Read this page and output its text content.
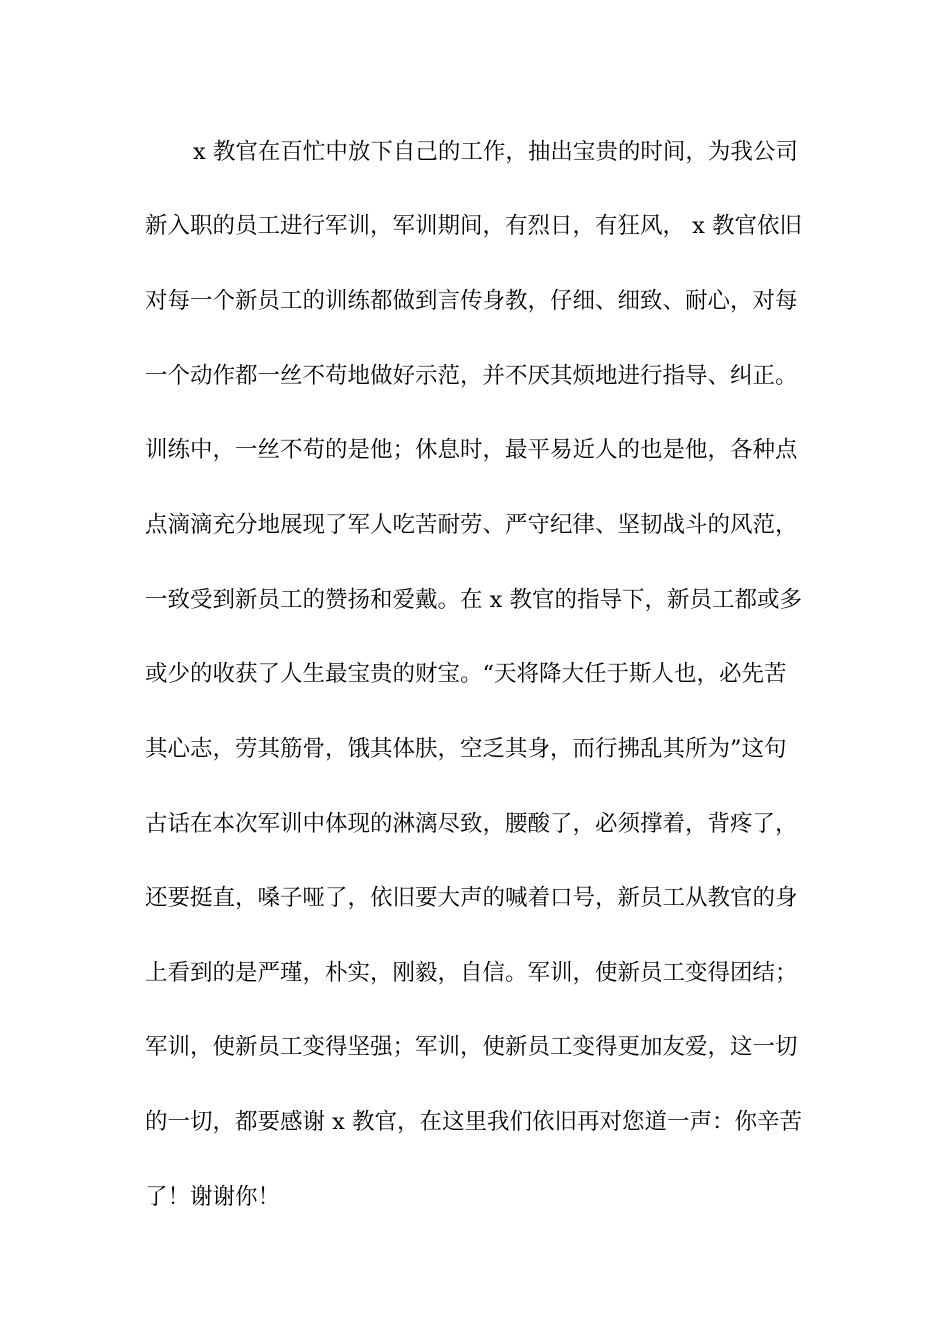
x 教官在百忙中放下自己的工作，抽出宝贵的时间，为我公司
新入职的员工进行军训，军训期间，有烈日，有狂风， x 教官依旧
对每一个新员工的训练都做到言传身教，仔细、细致、耐心，对每
一个动作都一丝不苟地做好示范，并不厌其烦地进行指导、纠正。
训练中，一丝不苟的是他；休息时，最平易近人的也是他，各种点
点滴滴充分地展现了军人吃苦耐劳、严守纪律、坚韧战斗的风范，
一致受到新员工的赞扬和爱戴。在 x 教官的指导下，新员工都或多
或少的收获了人生最宝贵的财宝。“天将降大任于斯人也，必先苦
其心志，劳其筋骨，饿其体肤，空乏其身，而行拂乱其所为”这句
古话在本次军训中体现的淋漓尽致，腰酸了，必须撑着，背疼了，
还要挺直，嗓子哑了，依旧要大声的喊着口号，新员工从教官的身
上看到的是严瑾，朴实，刚毅，自信。军训，使新员工变得团结；
军训，使新员工变得坚强；军训，使新员工变得更加友爱，这一切
的一切，都要感谢 x 教官，在这里我们依旧再对您道一声：你辛苦
了！谢谢你！
